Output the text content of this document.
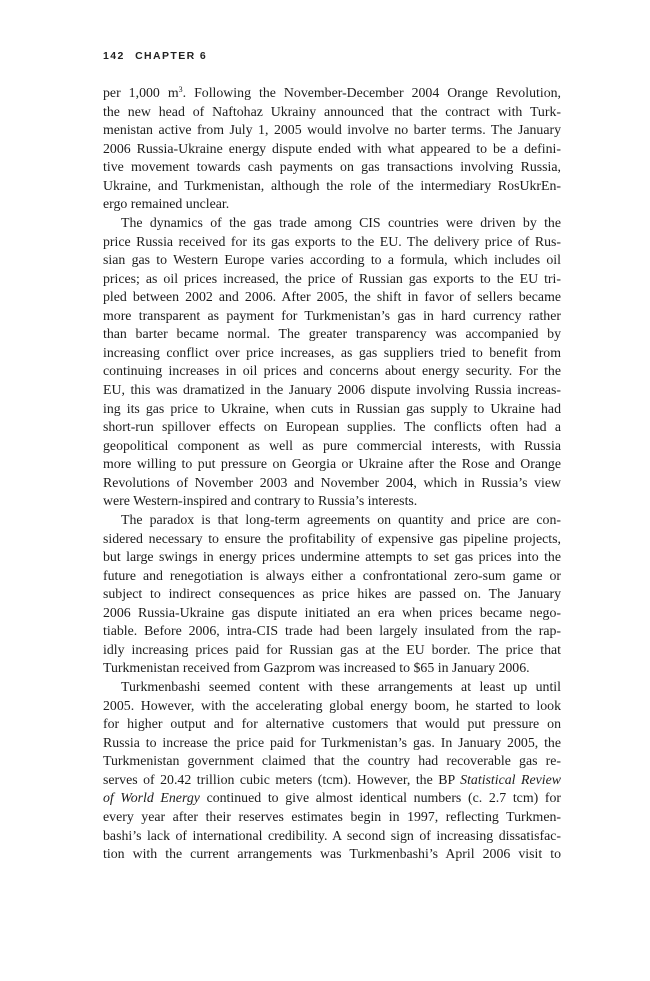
142 CHAPTER 6
per 1,000 $m^3$. Following the November-December 2004 Orange Revolution,
the new head of Naftohaz Ukrainy announced that the contract with Turk-
menistan active from July 1, 2005 would involve no barter terms. The January
2006 Russia-Ukraine energy dispute ended with what appeared to be a defini-
tive movement towards cash payments on gas transactions involving Russia,
Ukraine, and Turkmenistan, although the role of the intermediary RosUkrEn-
ergo remained unclear.
The dynamics of the gas trade among CIS countries were driven by the
price Russia received for its gas exports to the EU. The delivery price of Rus-
sian gas to Western Europe varies according to a formula, which includes oil
prices; as oil prices increased, the price of Russian gas exports to the EU tri-
pled between 2002 and 2006. After 2005, the shift in favor of sellers became
more transparent as payment for Turkmenistan’s gas in hard currency rather
than barter became normal. The greater transparency was accompanied by
increasing conflict over price increases, as gas suppliers tried to benefit from
continuing increases in oil prices and concerns about energy security. For the
EU, this was dramatized in the January 2006 dispute involving Russia increas-
ing its gas price to Ukraine, when cuts in Russian gas supply to Ukraine had
short-run spillover effects on European supplies. The conflicts often had a
geopolitical component as well as pure commercial interests, with Russia
more willing to put pressure on Georgia or Ukraine after the Rose and Orange
Revolutions of November 2003 and November 2004, which in Russia’s view
were Western-inspired and contrary to Russia’s interests.
The paradox is that long-term agreements on quantity and price are con-
sidered necessary to ensure the profitability of expensive gas pipeline projects,
but large swings in energy prices undermine attempts to set gas prices into the
future and renegotiation is always either a confrontational zero-sum game or
subject to indirect consequences as price hikes are passed on. The January
2006 Russia-Ukraine gas dispute initiated an era when prices became nego-
tiable. Before 2006, intra-CIS trade had been largely insulated from the rap-
idly increasing prices paid for Russian gas at the EU border. The price that
Turkmenistan received from Gazprom was increased to $65 in January 2006.
Turkmenbashi seemed content with these arrangements at least up until
2005. However, with the accelerating global energy boom, he started to look
for higher output and for alternative customers that would put pressure on
Russia to increase the price paid for Turkmenistan’s gas. In January 2005, the
Turkmenistan government claimed that the country had recoverable gas re-
serves of 20.42 trillion cubic meters (tcm). However, the BP Statistical Review
of World Energy continued to give almost identical numbers (c. 2.7 tcm) for
every year after their reserves estimates begin in 1997, reflecting Turkmen-
bashi’s lack of international credibility. A second sign of increasing dissatisfac-
tion with the current arrangements was Turkmenbashi’s April 2006 visit to
